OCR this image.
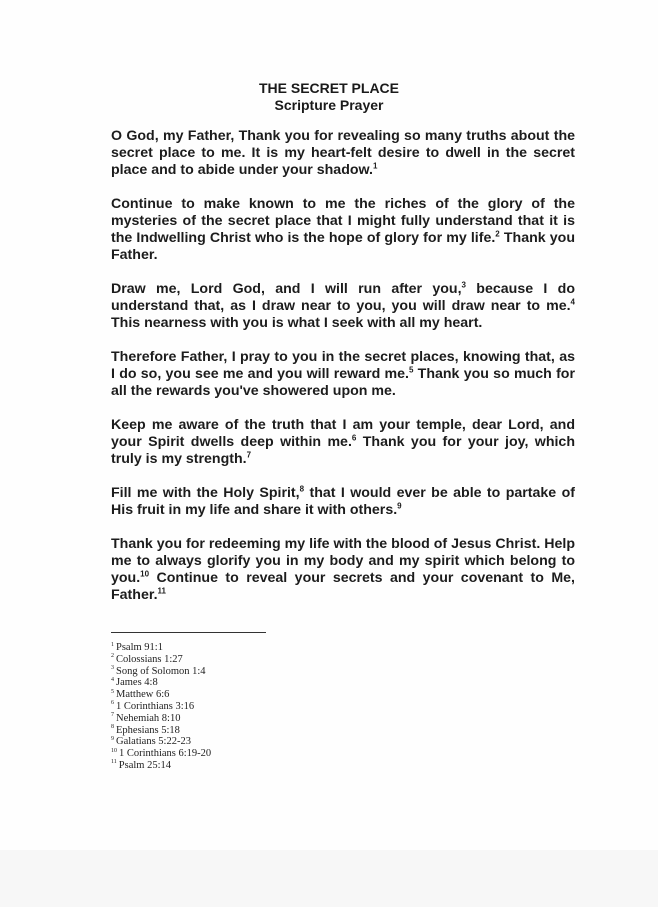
THE SECRET PLACE
Scripture Prayer

O God, my Father, Thank you for revealing so many truths about the secret place to me. It is my heart-felt desire to dwell in the secret place and to abide under your shadow.$^1$

Continue to make known to me the riches of the glory of the mysteries of the secret place that I might fully understand that it is the Indwelling Christ who is the hope of glory for my life.$^2$ Thank you Father.

Draw me, Lord God, and I will run after you,$^3$ because I do understand that, as I draw near to you, you will draw near to me.$^4$ This nearness with you is what I seek with all my heart.

Therefore Father, I pray to you in the secret places, knowing that, as I do so, you see me and you will reward me.$^5$ Thank you so much for all the rewards you've showered upon me.

Keep me aware of the truth that I am your temple, dear Lord, and your Spirit dwells deep within me.$^6$ Thank you for your joy, which truly is my strength.$^7$

Fill me with the Holy Spirit,$^8$ that I would ever be able to partake of His fruit in my life and share it with others.$^9$

Thank you for redeeming my life with the blood of Jesus Christ. Help me to always glorify you in my body and my spirit which belong to you.$^{10}$ Continue to reveal your secrets and your covenant to Me, Father.$^{11}$

$^1$ Psalm 91:1
$^2$ Colossians 1:27
$^3$ Song of Solomon 1:4
$^4$ James 4:8
$^5$ Matthew 6:6
$^6$ 1 Corinthians 3:16
$^7$ Nehemiah 8:10
$^8$ Ephesians 5:18
$^9$ Galatians 5:22-23
$^{10}$ 1 Corinthians 6:19-20
$^{11}$ Psalm 25:14
